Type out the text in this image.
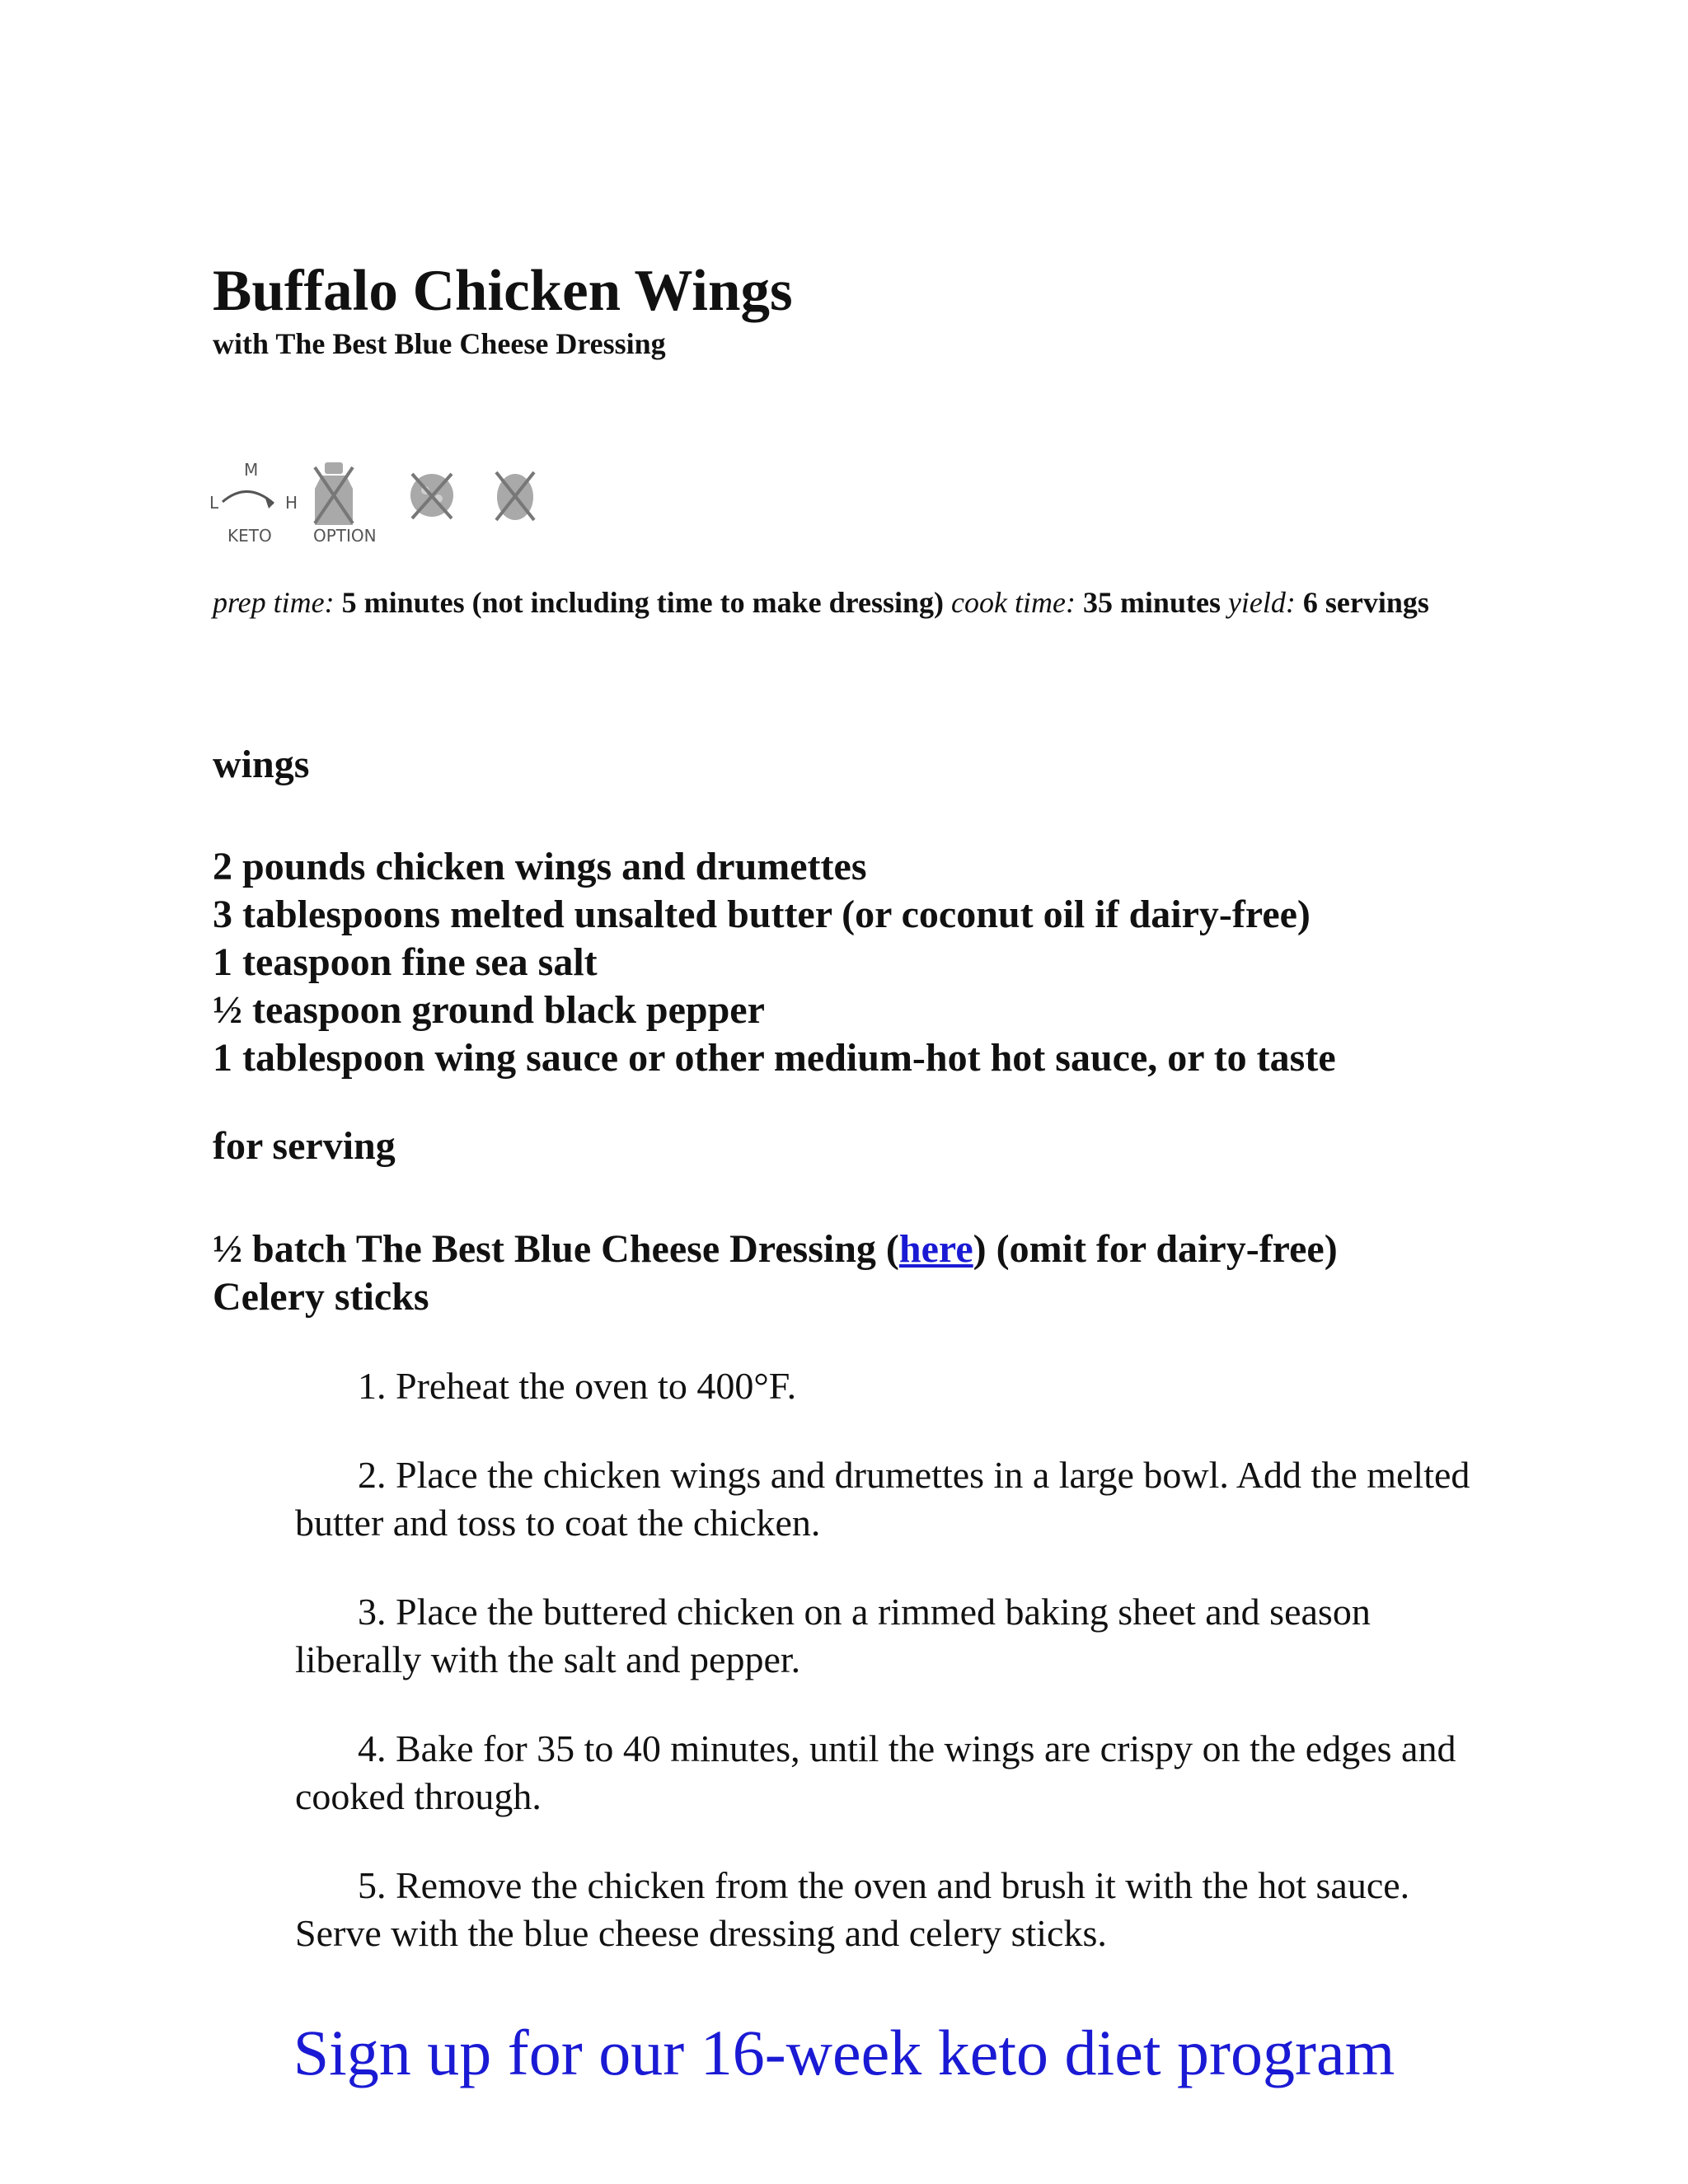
Buffalo Chicken Wings
with The Best Blue Cheese Dressing
M
L	H
KETO	OPTION
prep time: 5 minutes (not including time to make dressing) cook time: 35 minutes yield: 6 servings
wings
2 pounds chicken wings and drumettes
3 tablespoons melted unsalted butter (or coconut oil if dairy-free)
1 teaspoon fine sea salt
½ teaspoon ground black pepper
1 tablespoon wing sauce or other medium-hot hot sauce, or to taste
for serving
½ batch The Best Blue Cheese Dressing (here) (omit for dairy-free)
Celery sticks

1. Preheat the oven to 400°F.

2. Place the chicken wings and drumettes in a large bowl. Add the melted butter and toss to coat the chicken.

3. Place the buttered chicken on a rimmed baking sheet and season liberally with the salt and pepper.

4. Bake for 35 to 40 minutes, until the wings are crispy on the edges and cooked through.

5. Remove the chicken from the oven and brush it with the hot sauce. Serve with the blue cheese dressing and celery sticks.

Sign up for our 16-week keto diet program
